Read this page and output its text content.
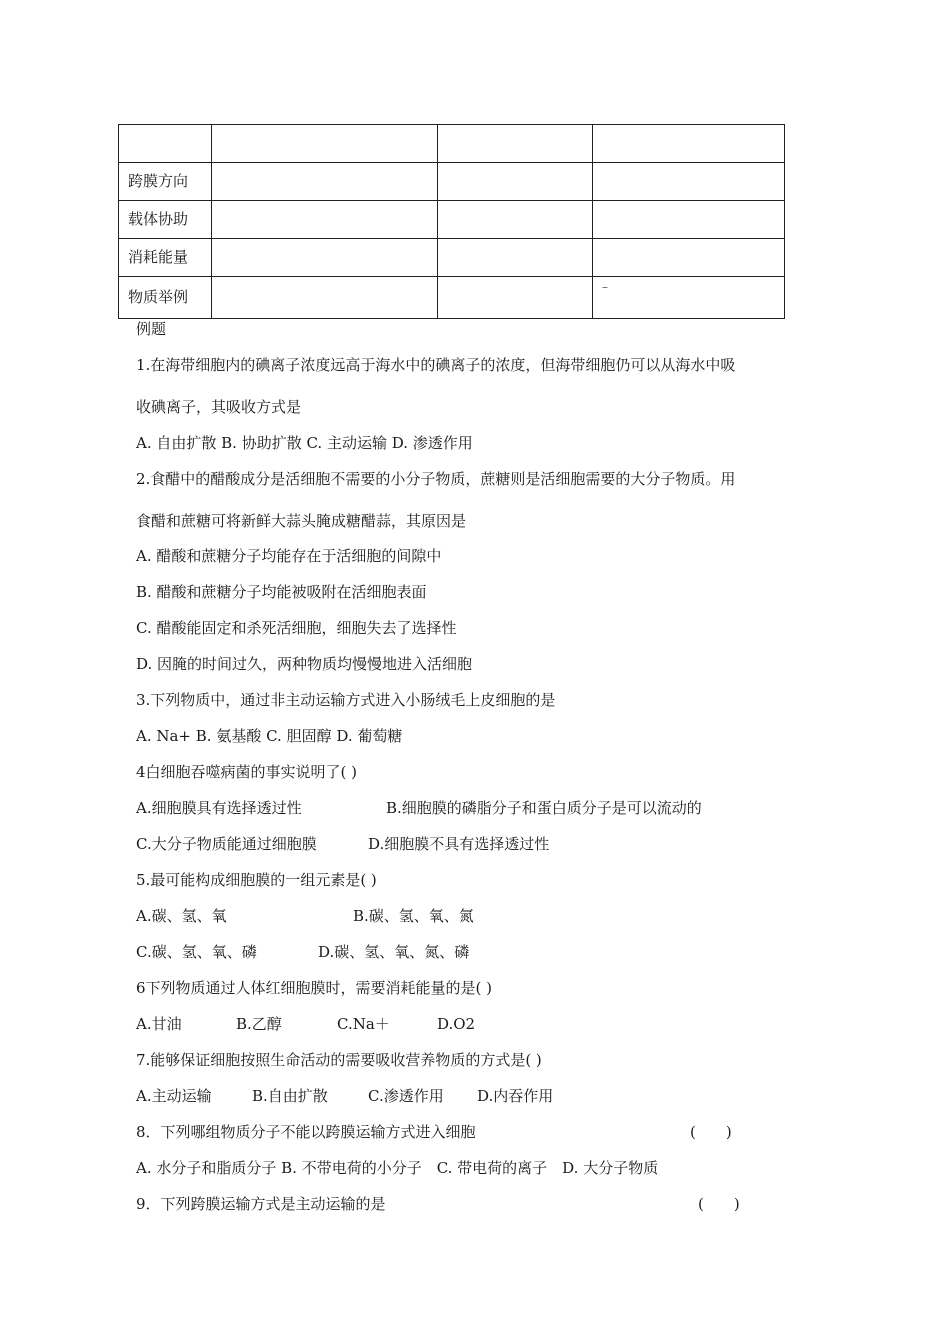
跨膜方向			
载体协助			
消耗能量			
物质举例			–
例题
1.在海带细胞内的碘离子浓度远高于海水中的碘离子的浓度，但海带细胞仍可以从海水中吸
收碘离子，其吸收方式是
A. 自由扩散 B. 协助扩散 C. 主动运输 D. 渗透作用
2.食醋中的醋酸成分是活细胞不需要的小分子物质，蔗糖则是活细胞需要的大分子物质。用
食醋和蔗糖可将新鲜大蒜头腌成糖醋蒜，其原因是
A. 醋酸和蔗糖分子均能存在于活细胞的间隙中
B. 醋酸和蔗糖分子均能被吸附在活细胞表面
C. 醋酸能固定和杀死活细胞，细胞失去了选择性
D. 因腌的时间过久，两种物质均慢慢地进入活细胞
3.下列物质中，通过非主动运输方式进入小肠绒毛上皮细胞的是
A. Na+ B. 氨基酸 C. 胆固醇 D. 葡萄糖
4白细胞吞噬病菌的事实说明了( )
A.细胞膜具有选择透过性	B.细胞膜的磷脂分子和蛋白质分子是可以流动的
C.大分子物质能通过细胞膜	D.细胞膜不具有选择透过性
5.最可能构成细胞膜的一组元素是( )
A.碳、氢、氧	B.碳、氢、氧、氮
C.碳、氢、氧、磷	D.碳、氢、氧、氮、磷
6下列物质通过人体红细胞膜时，需要消耗能量的是( )
A.甘油	B.乙醇	C.Na＋	D.O2
7.能够保证细胞按照生命活动的需要吸收营养物质的方式是( )
A.主动运输	B.自由扩散	C.渗透作用 D.内吞作用
8．下列哪组物质分子不能以跨膜运输方式进入细胞	(　　)
A. 水分子和脂质分子 B. 不带电荷的小分子　C. 带电荷的离子　D. 大分子物质
9．下列跨膜运输方式是主动运输的是	(　　)
